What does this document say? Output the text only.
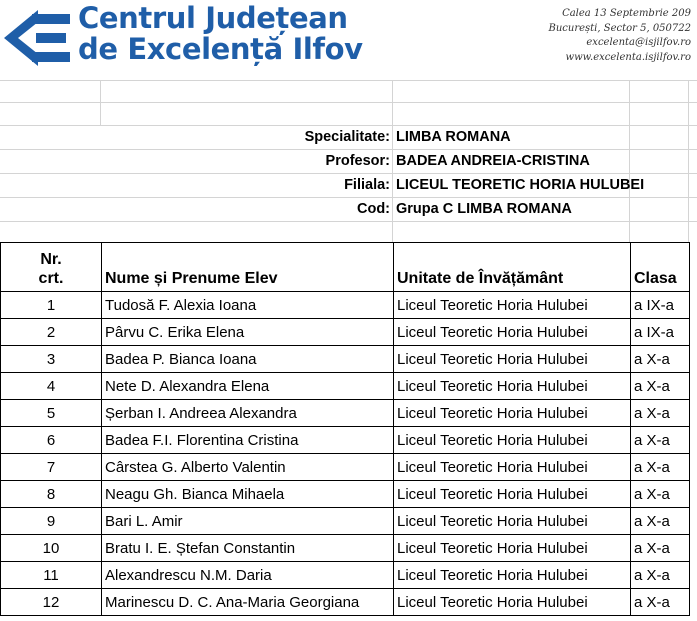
Centrul Județean
de Excelență Ilfov
Calea 13 Septembrie 209
București, Sector 5, 050722
excelenta@isjilfov.ro
www.excelenta.isjilfov.ro
Specialitate: LIMBA ROMANA
Profesor: BADEA ANDREIA-CRISTINA
Filiala: LICEUL TEORETIC HORIA HULUBEI
Cod: Grupa C LIMBA ROMANA
Nr.
crt.	Nume și Prenume Elev	Unitate de Învățământ	Clasa
1	Tudosă F. Alexia Ioana	Liceul Teoretic Horia Hulubei	a IX-a
2	Pârvu C. Erika Elena	Liceul Teoretic Horia Hulubei	a IX-a
3	Badea P. Bianca Ioana	Liceul Teoretic Horia Hulubei	a X-a
4	Nete D. Alexandra Elena	Liceul Teoretic Horia Hulubei	a X-a
5	Șerban I. Andreea Alexandra	Liceul Teoretic Horia Hulubei	a X-a
6	Badea F.I. Florentina Cristina	Liceul Teoretic Horia Hulubei	a X-a
7	Cârstea G. Alberto Valentin	Liceul Teoretic Horia Hulubei	a X-a
8	Neagu Gh. Bianca Mihaela	Liceul Teoretic Horia Hulubei	a X-a
9	Bari L. Amir	Liceul Teoretic Horia Hulubei	a X-a
10	Bratu I. E. Ștefan Constantin	Liceul Teoretic Horia Hulubei	a X-a
11	Alexandrescu N.M. Daria	Liceul Teoretic Horia Hulubei	a X-a
12	Marinescu D. C. Ana-Maria Georgiana	Liceul Teoretic Horia Hulubei	a X-a
